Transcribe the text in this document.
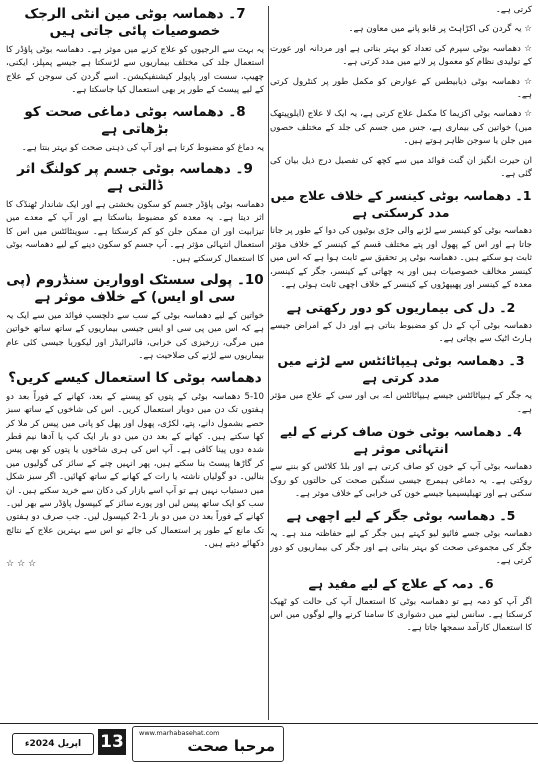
کرتی ہے۔

☆ یہ گردن کی اکڑاہٹ پر قابو پانے میں معاون ہے۔

☆ دھماسہ بوٹی سپرم کی تعداد کو بہتر بناتی ہے اور مردانہ اور عورت کے تولیدی نظام کو معمول پر لانے میں مدد کرتی ہے۔

☆ دھماسہ بوٹی ذیابیطس کے عوارض کو مکمل طور پر کنٹرول کرتی ہے۔

☆ دھماسہ بوٹی اکزیما کا مکمل علاج کرتی ہے، یہ ایک لا علاج (ایلوپیتھک میں) خواتین کی بیماری ہے، جس میں جسم کی جلد کے مختلف حصوں میں جلن یا سوجن ظاہر ہوتے ہیں۔

ان حیرت انگیز ان گنت فوائد میں سے کچھ کی تفصیل درج ذیل بیان کی گئی ہے۔

1۔ دھماسہ بوٹی کینسر کے خلاف علاج میں مدد کرسکتی ہے

دھماسہ بوٹی کو کینسر سے لڑنے والی جڑی بوٹیوں کی دوا کے طور پر جانا جاتا ہے اور اس کے پھول اور پتے مختلف قسم کے کینسر کے خلاف مؤثر ثابت ہو سکتے ہیں۔ دھماسہ بوٹی پر تحقیق سے ثابت ہوا ہے کہ اس میں کینسر مخالف خصوصیات ہیں اور یہ چھاتی کے کینسر، جگر کے کینسر، معدہ کے کینسر اور پھیپھڑوں کے کینسر کے خلاف اچھی ثابت ہوئی ہے۔

2۔ دل کی بیماریوں کو دور رکھتی ہے

دھماسہ بوٹی آپ کے دل کو مضبوط بناتی ہے اور دل کے امراض جیسے ہارٹ اٹیک سے بچاتی ہے۔

3۔ دھماسہ بوٹی ہیپاٹائٹس سے لڑنے میں مدد کرتی ہے

یہ جگر کے ہیپاٹائٹس جیسے ہیپاٹائٹس اے، بی اور سی کے علاج میں مؤثر ہے۔

4۔ دھماسہ بوٹی خون صاف کرنے کے لیے انتہائی موثر ہے

دھماسہ بوٹی آپ کے خون کو صاف کرتی ہے اور بلڈ کلاٹس کو بننے سے روکتی ہے۔ یہ دماغی ہیمرج جیسی سنگین صحت کی حالتوں کو روک سکتی ہے اور تھیلیسیمیا جیسے خون کی خرابی کے خلاف موثر ہے۔

5۔ دھماسہ بوٹی جگر کے لیے اچھی ہے

دھماسہ بوٹی جسے فائیو لیو کہتے ہیں جگر کے لیے حفاظتہ مند ہے۔ یہ جگر کی مجموعی صحت کو بہتر بناتی ہے اور جگر کی بیماریوں کو دور کرتی ہے۔

6۔ دمہ کے علاج کے لیے مفید ہے

اگر آپ کو دمہ ہے تو دھماسہ بوٹی کا استعمال آپ کی حالت کو ٹھیک کرسکتا ہے۔ سانس لینے میں دشواری کا سامنا کرنے والے لوگوں میں اس کا استعمال کارآمد سمجھا جاتا ہے۔

7۔ دھماسہ بوٹی مین انٹی الرجک خصوصیات پائی جاتی ہیں

یہ بہت سے الرجیوں کو علاج کرنے میں موثر ہے۔ دھماسہ بوٹی پاؤڈر کا استعمال جلد کی مختلف بیماریوں سے لڑسکتا ہے جیسے پمپلز، ایکنی، چھیپ، سست اور پاپولر کیشنفیکیشن۔ اسے گردن کی سوجن کے علاج کے لیے پیسٹ کے طور پر بھی استعمال کیا جاسکتا ہے۔

8۔ دھماسہ بوٹی دماغی صحت کو بڑھاتی ہے

یہ دماغ کو مضبوط کرتا ہے اور آپ کی ذہنی صحت کو بہتر بنتا ہے۔

9۔ دھماسہ بوٹی جسم پر کولنگ اثر ڈالتی ہے

دھماسہ بوٹی پاؤڈر جسم کو سکون بخشتی ہے اور ایک شاندار ٹھنڈک کا اثر دیتا ہے۔ یہ معدہ کو مضبوط بناسکتا ہے اور آپ کے معدے میں تیزابیت اور ان ممکن جلن کو کم کرسکتا ہے۔ سوینٹائٹس میں اس کا استعمال انتہائی مؤثر ہے۔ آپ جسم کو سکون دینے کے لیے دھماسہ بوٹی کا استعمال کرسکتے ہیں۔

10۔ پولی سسٹک اووارین سنڈروم (پی سی او ایس) کے خلاف موثر ہے

خواتین کے لیے دھماسہ بوٹی کے سب سے دلچسپ فوائد میں سے ایک یہ ہے کہ اس میں پی سی او ایس جیسی بیماریوں کے ساتھ ساتھ خواتین میں مرگی، زرخیزی کی خرابی، فائبرائیڈز اور لیکوریا جیسی کئی عام بیماریوں سے لڑنے کی صلاحیت ہے۔

دھماسہ بوٹی کا استعمال کیسے کریں؟

5-10 دھماسہ بوٹی کے پتوں کو پیسنے کے بعد، کھانے کے فوراً بعد دو ہفتوں تک دن میں دوبار استعمال کریں۔ اس کی شاخوں کے ساتھ سبز حصے بشمول دانے، پتے، لکڑی، پھول اور پھل کو پانی میں پیس کر ملا کر کھا سکتے ہیں۔ کھانے کے بعد دن میں دو بار ایک کپ یا آدھا نیم قطر شدہ دوں پینا کافی ہے۔ آپ اس کی ہری شاخوں یا پتوں کو بھی پیس کر گاڑھا پیسٹ بنا سکتے ہیں، پھر انہیں چنے کے سائز کی گولیوں میں بنالیں۔ دو گولیاں ناشتہ یا رات کے کھانے کے ساتھ کھائیں۔ اگر سبز شکل میں دستیاب نہیں ہے تو آپ اسے بازار کی دکان سے خرید سکتے ہیں۔ ان سب کو ایک ساتھ پیس لیں اور پورے سائز کے کیپسول پاؤڈر سے بھر لیں۔ کھانے کے فوراً بعد دن میں دو بار 1-2 کیپسول لیں۔ جب صرف دو ہفتوں تک مانع کے طور پر استعمال کی جائے تو اس سے بہترین علاج کے نتائج دکھائے دیتے ہیں۔

☆☆☆

اپریل 2024ء	13	www.marhabasehat.com
مرحبا صحت
